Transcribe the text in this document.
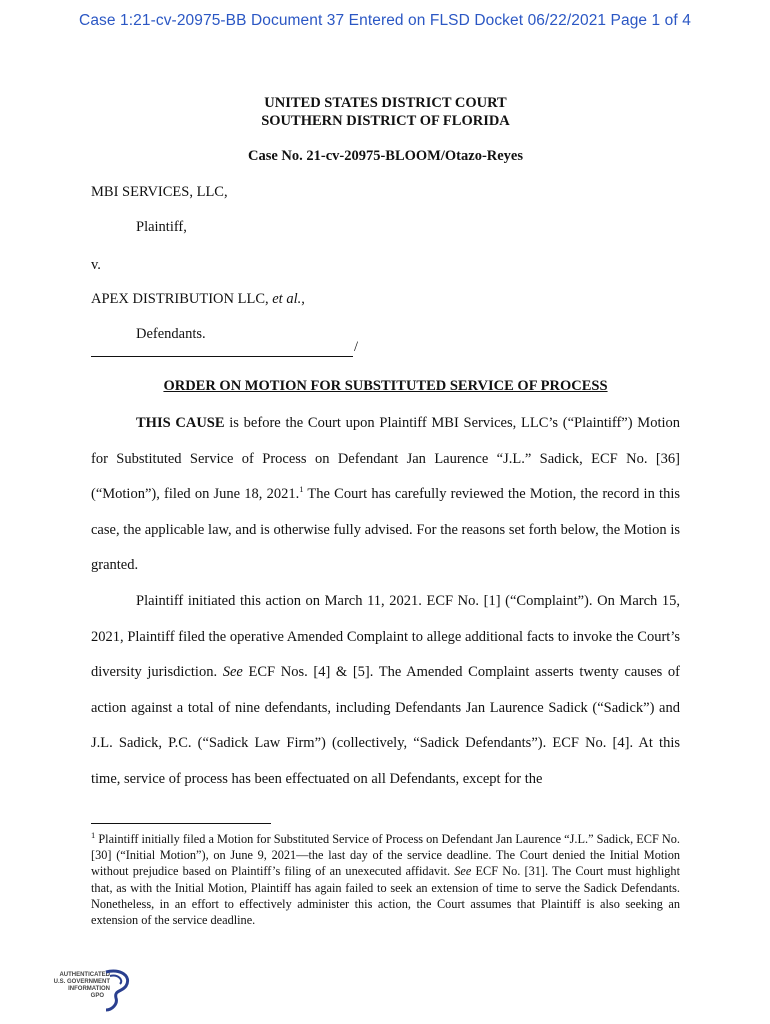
Case 1:21-cv-20975-BB Document 37 Entered on FLSD Docket 06/22/2021 Page 1 of 4
UNITED STATES DISTRICT COURT
SOUTHERN DISTRICT OF FLORIDA
Case No. 21-cv-20975-BLOOM/Otazo-Reyes
MBI SERVICES, LLC,
Plaintiff,
v.
APEX DISTRIBUTION LLC, et al.,
Defendants.
/
ORDER ON MOTION FOR SUBSTITUTED SERVICE OF PROCESS

THIS CAUSE is before the Court upon Plaintiff MBI Services, LLC’s (“Plaintiff”) Motion for Substituted Service of Process on Defendant Jan Laurence “J.L.” Sadick, ECF No. [36] (“Motion”), filed on June 18, 2021.$^1$ The Court has carefully reviewed the Motion, the record in this case, the applicable law, and is otherwise fully advised. For the reasons set forth below, the Motion is granted.

Plaintiff initiated this action on March 11, 2021. ECF No. [1] (“Complaint”). On March 15, 2021, Plaintiff filed the operative Amended Complaint to allege additional facts to invoke the Court’s diversity jurisdiction. See ECF Nos. [4] & [5]. The Amended Complaint asserts twenty causes of action against a total of nine defendants, including Defendants Jan Laurence Sadick (“Sadick”) and J.L. Sadick, P.C. (“Sadick Law Firm”) (collectively, “Sadick Defendants”). ECF No. [4]. At this time, service of process has been effectuated on all Defendants, except for the

$^1$ Plaintiff initially filed a Motion for Substituted Service of Process on Defendant Jan Laurence “J.L.” Sadick, ECF No. [30] (“Initial Motion”), on June 9, 2021—the last day of the service deadline. The Court denied the Initial Motion without prejudice based on Plaintiff’s filing of an unexecuted affidavit. See ECF No. [31]. The Court must highlight that, as with the Initial Motion, Plaintiff has again failed to seek an extension of time to serve the Sadick Defendants. Nonetheless, in an effort to effectively administer this action, the Court assumes that Plaintiff is also seeking an extension of the service deadline.
AUTHENTICATED
U.S. GOVERNMENT
INFORMATION
GPO
